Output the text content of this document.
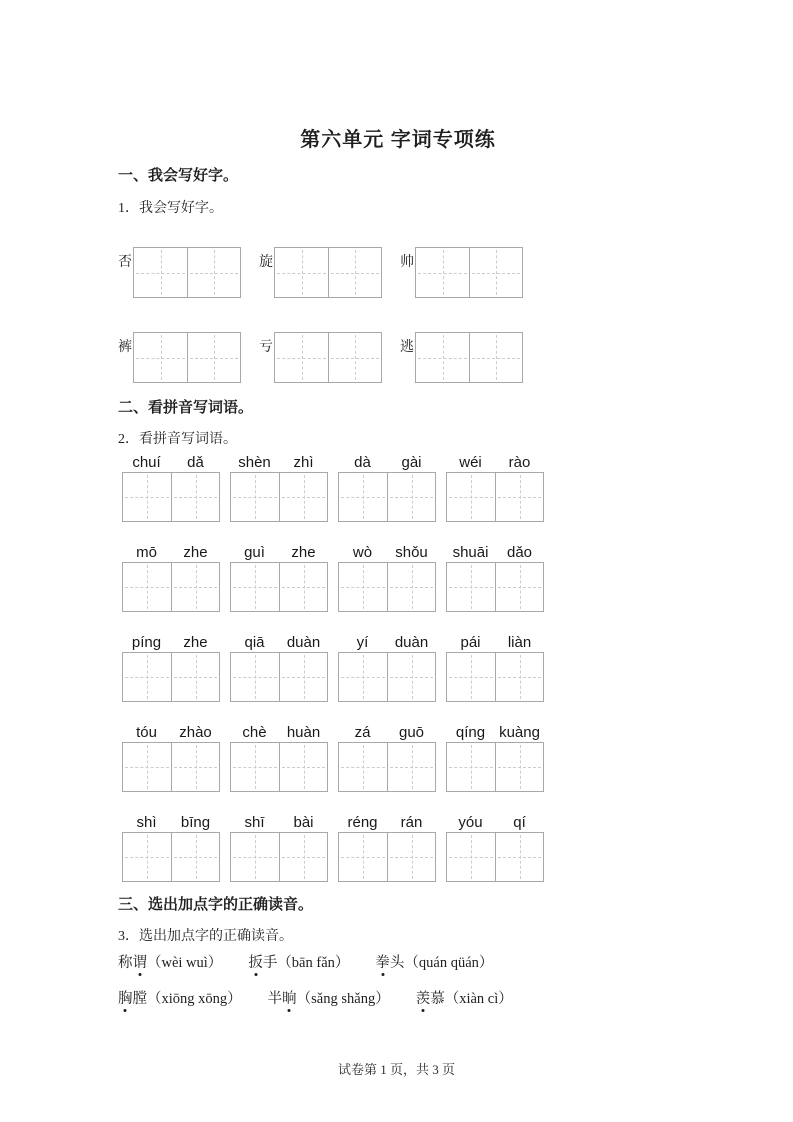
第六单元 字词专项练
一、我会写好字。
1．我会写好字。
否	旋	帅
裤	亏	逃
二、看拼音写词语。
2．看拼音写词语。
chuí	dǎ	shèn	zhì	dà	gài	wéi	rào
mō	zhe	guì	zhe	wò	shǒu	shuāi	dǎo
píng	zhe	qiā	duàn	yí	duàn	pái	liàn
tóu	zhào	chè	huàn	zá	guō	qíng kuàng
shì	bīng	shī	bài	réng	rán	yóu	qí
三、选出加点字的正确读音。
3．选出加点字的正确读音。
称谓（wèi wuì） 扳手（bān fǎn） 拳头（quán qüán）
胸膛（xiōng xōng） 半晌（sǎng shǎng） 羡慕（xiàn cì）
试卷第 1 页，共 3 页
